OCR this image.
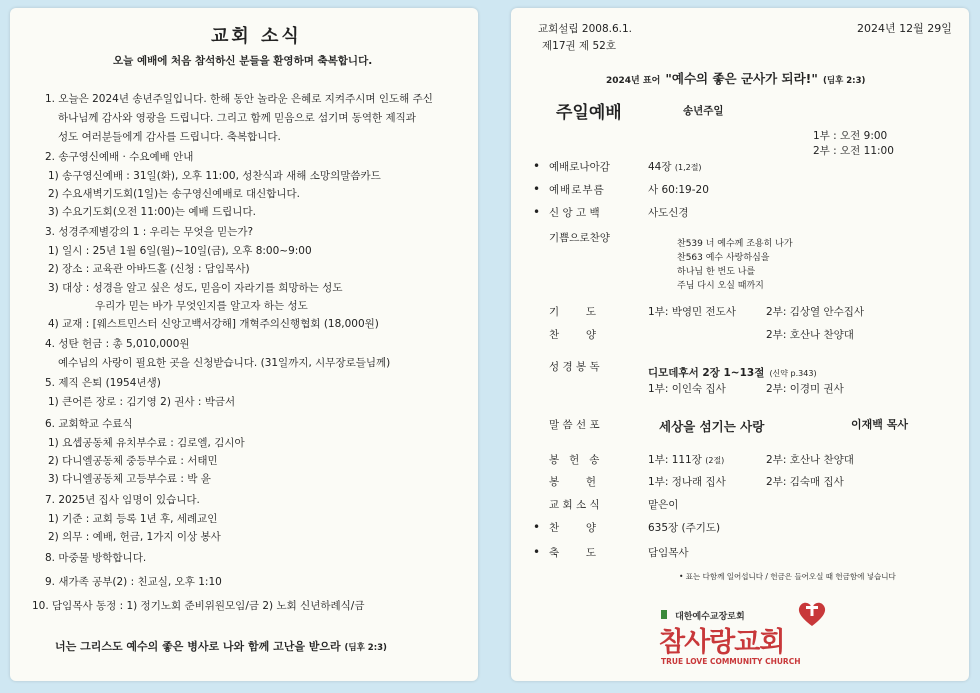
교회 소식
오늘 예배에 처음 참석하신 분들을 환영하며 축복합니다.
1. 오늘은 2024년 송년주일입니다. 한해 동안 놀라운 은혜로 지켜주시며 인도해 주신
하나님께 감사와 영광을 드립니다. 그리고 함께 믿음으로 섬기며 동역한 제직과
성도 여러분들에게 감사를 드립니다. 축복합니다.
2. 송구영신예배 · 수요예배 안내
1) 송구영신예배 : 31일(화), 오후 11:00, 성찬식과 새해 소망의말씀카드
2) 수요새벽기도회(1일)는 송구영신예배로 대신합니다.
3) 수요기도회(오전 11:00)는 예배 드립니다.
3. 성경주제별강의 1 : 우리는 무엇을 믿는가?
1) 일시 : 25년 1월 6일(월)~10일(금), 오후 8:00~9:00
2) 장소 : 교육관 아바드홀 (신청 : 담임목사)
3) 대상 : 성경을 알고 싶은 성도, 믿음이 자라기를 희망하는 성도
우리가 믿는 바가 무엇인지를 알고자 하는 성도
4) 교재 : [웨스트민스터 신앙고백서강해] 개혁주의신행협회 (18,000원)
4. 성탄 헌금 : 총 5,010,000원
예수님의 사랑이 필요한 곳을 신청받습니다. (31일까지, 시무장로들님께)
5. 제직 은퇴 (1954년생)
1) 큰어른 장로 : 김기영 2) 권사 : 박금서
6. 교회학교 수료식
1) 요셉공동체 유치부수료 : 김로엘, 김시아
2) 다니엘공동체 중등부수료 : 서태민
3) 다니엘공동체 고등부수료 : 박 윤
7. 2025년 집사 임명이 있습니다.
1) 기준 : 교회 등록 1년 후, 세례교인
2) 의무 : 예배, 헌금, 1가지 이상 봉사
8. 마중물 방학합니다.
9. 새가족 공부(2) : 친교실, 오후 1:10
10. 담임목사 동정 : 1) 정기노회 준비위원모임/금 2) 노회 신년하례식/금
너는 그리스도 예수의 좋은 병사로 나와 함께 고난을 받으라 (딤후 2:3)
교회설립 2008.6.1.
제17권 제 52호
2024년 12월 29일
2024년 표어 "예수의 좋은 군사가 되라!" (딤후 2:3)
주일예배	송년주일
1부 : 오전 9:00
2부 : 오전 11:00
• 예배로나아감	44장 (1,2절)
• 예배로부름	사 60:19-20
• 신 앙 고 백	사도신경
기쁨으로찬양	찬539 너 예수께 조용히 나가
찬563 예수 사랑하심을
하나님 한 번도 나를
주님 다시 오실 때까지
기        도	1부: 박영민 전도사	2부: 김상열 안수집사
찬        양	2부: 호산나 찬양대
성 경 봉 독	디모데후서 2장 1~13절 (신약 p.343)
1부: 이인숙 집사	2부: 이경미 권사
말 씀 선 포	세상을 섬기는 사랑	이재백 목사
봉   헌   송	1부: 111장 (2절)	2부: 호산나 찬양대
봉        헌	1부: 정나래 집사	2부: 김숙매 집사
교 회 소 식	맡은이
• 찬        양	635장 (주기도)
• 축        도	담임목사
• 표는 다함께 일어섭니다 / 헌금은 들어오실 때 헌금함에 넣습니다
대한예수교장로회
참사랑교회
TRUE LOVE COMMUNITY CHURCH
